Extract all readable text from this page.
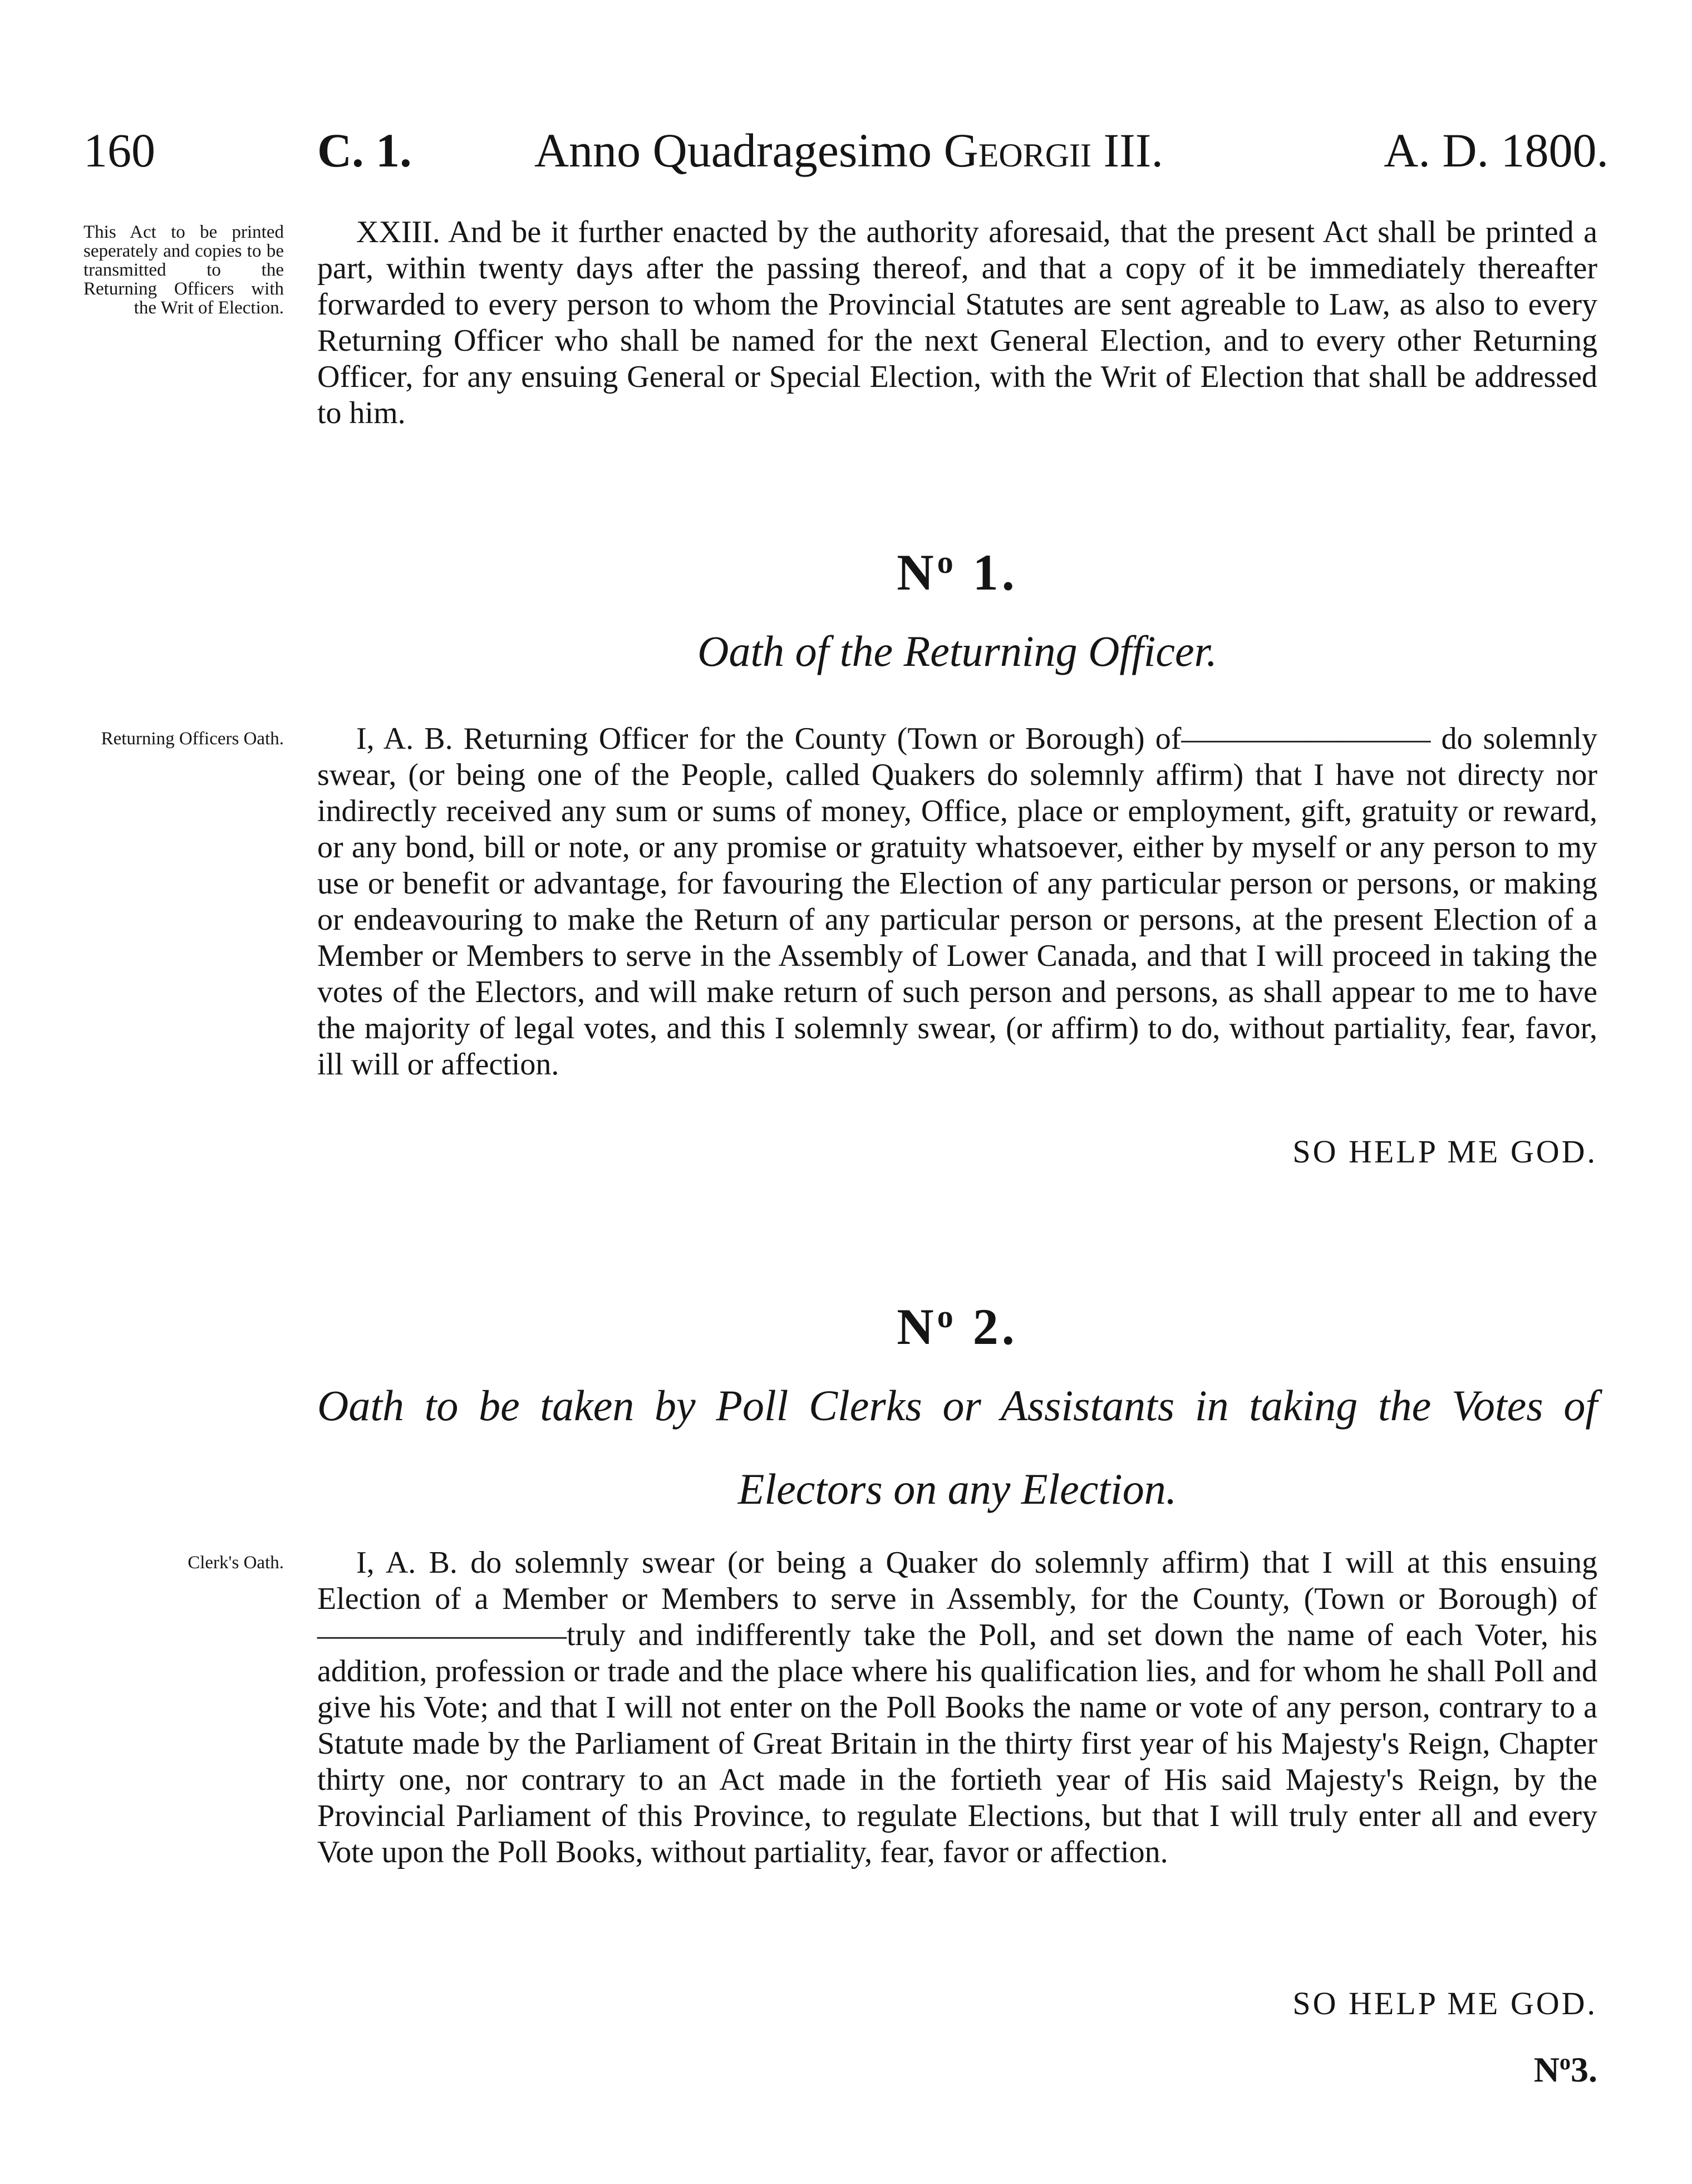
160	C. 1.	Anno Quadragesimo Georgii III.	A. D. 1800.
This Act to be printed seperately and copies to be transmitted to the Returning Officers with the Writ of Election.

XXIII. And be it further enacted by the authority aforesaid, that the present Act shall be printed a part, within twenty days after the passing thereof, and that a copy of it be immediately thereafter forwarded to every person to whom the Provincial Statutes are sent agreable to Law, as also to every Returning Officer who shall be named for the next General Election, and to every other Returning Officer, for any ensuing General or Special Election, with the Writ of Election that shall be addressed to him.

$N^o$ 1.

Oath of the Returning Officer.

Returning Officers Oath.	I, A. B. Returning Officer for the County (Town or Borough) of———————— do solemnly swear, (or being one of the People, called Quakers do solemnly affirm) that I have not directy nor indirectly received any sum or sums of money, Office, place or employment, gift, gratuity or reward, or any bond, bill or note, or any promise or gratuity whatsoever, either by myself or any person to my use or benefit or advantage, for favouring the Election of any particular person or persons, or making or endeavouring to make the Return of any particular person or persons, at the present Election of a Member or Members to serve in the Assembly of Lower Canada, and that I will proceed in taking the votes of the Electors, and will make return of such person and persons, as shall appear to me to have the majority of legal votes, and this I solemnly swear, (or affirm) to do, without partiality, fear, favor, ill will or affection.

SO HELP ME GOD.
$N^o$ 2.

Oath to be taken by Poll Clerks or Assistants in taking the Votes of

Electors on any Election.

Clerk's Oath.	I, A. B. do solemnly swear (or being a Quaker do solemnly affirm) that I will at this ensuing Election of a Member or Members to serve in Assembly, for the County, (Town or Borough) of————————truly and indifferently take the Poll, and set down the name of each Voter, his addition, profession or trade and the place where his qualification lies, and for whom he shall Poll and give his Vote; and that I will not enter on the Poll Books the name or vote of any person, contrary to a Statute made by the Parliament of Great Britain in the thirty first year of his Majesty's Reign, Chapter thirty one, nor contrary to an Act made in the fortieth year of His said Majesty's Reign, by the Provincial Parliament of this Province, to regulate Elections, but that I will truly enter all and every Vote upon the Poll Books, without partiality, fear, favor or affection.

SO HELP ME GOD.
$N^o3$.
